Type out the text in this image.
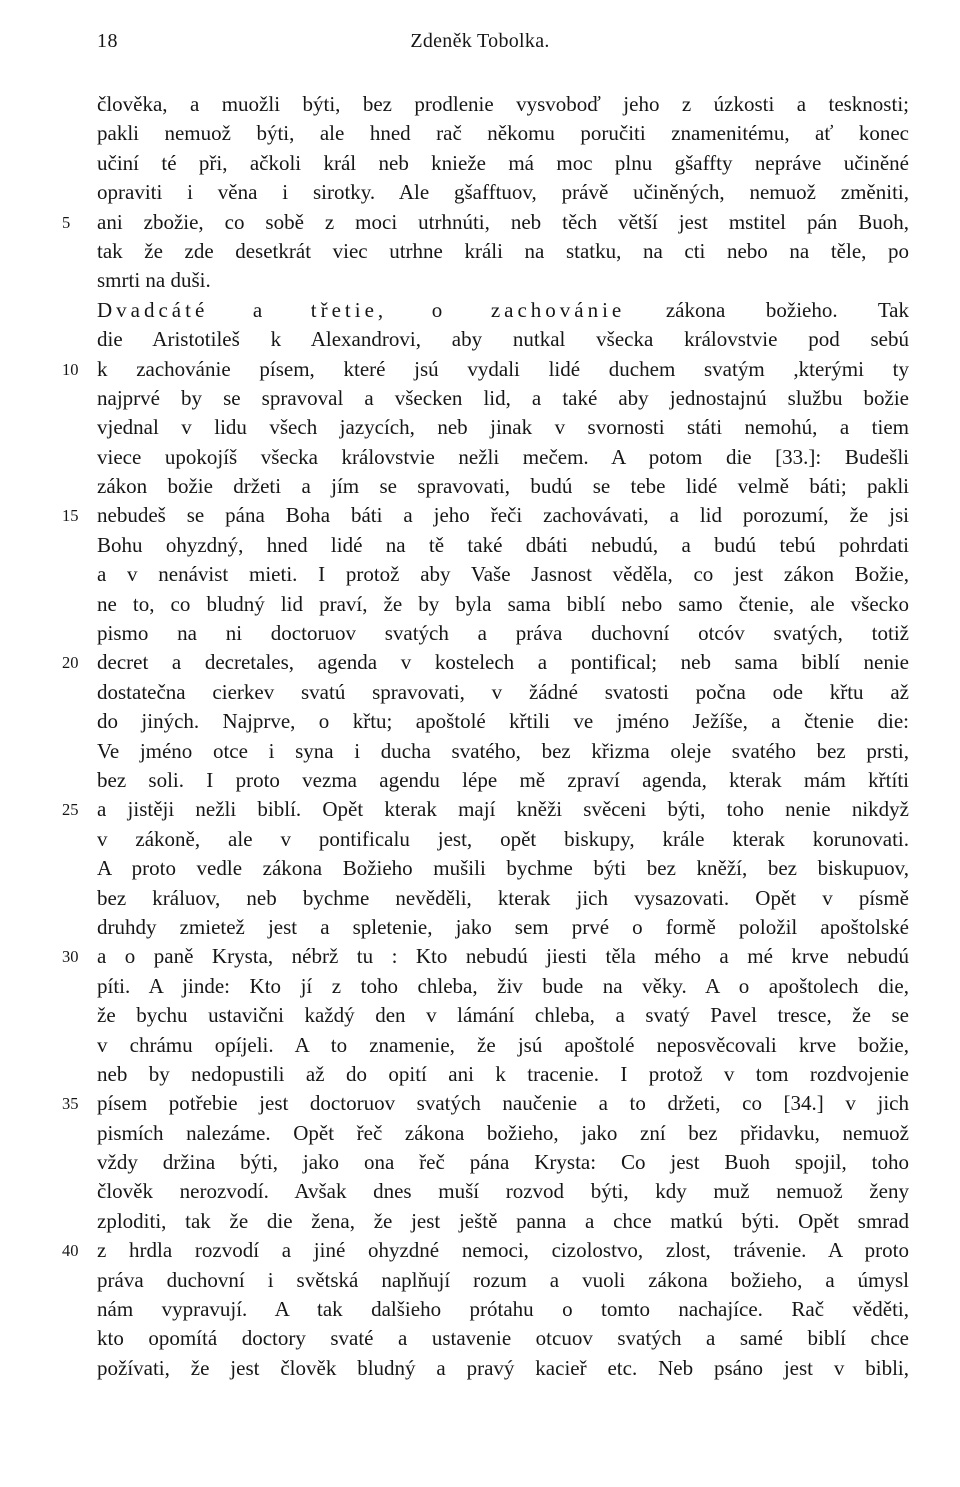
18	Zdeněk Tobolka.
člověka, a muožli býti, bez prodlenie vysvoboď jeho z úzkosti a tesknosti;
pakli nemuož býti, ale hned rač někomu poručiti znamenitému, ať konec
učiní té při, ačkoli král neb knieže má moc plnu gšaffty nepráve učiněné
opraviti i věna i sirotky. Ale gšafftuov, právě učiněných, nemuož změniti,
5	ani zbožie, co sobě z moci utrhnúti, neb těch větší jest mstitel pán Buoh,
tak že zde desetkrát viec utrhne králi na statku, na cti nebo na těle, po
smrti na duši.
Dvadcáté a třetie, o zachovánie zákona božieho. Tak
die Aristotileš k Alexandrovi, aby nutkal všecka královstvie pod sebú
10 k zachovánie písem, které jsú vydali lidé duchem svatým ,kterými ty
najprvé by se spravoval a všecken lid, a také aby jednostajnú službu božie
vjednal v lidu všech jazycích, neb jinak v svornosti státi nemohú, a tiem
viece upokojíš všecka královstvie nežli mečem. A potom die [33.]: Budešli
zákon božie držeti a jím se spravovati, budú se tebe lidé velmě báti; pakli
15 nebudeš se pána Boha báti a jeho řeči zachovávati, a lid porozumí, že jsi
Bohu ohyzdný, hned lidé na tě také dbáti nebudú, a budú tebú pohrdati
a v nenávist mieti. I protož aby Vaše Jasnost věděla, co jest zákon Božie,
ne to, co bludný lid praví, že by byla sama biblí nebo samo čtenie, ale všecko
pismo na ni doctoruov svatých a práva duchovní otcóv svatých, totiž
20 decret a decretales, agenda v kostelech a pontifical; neb sama biblí nenie
dostatečna cierkev svatú spravovati, v žádné svatosti počna ode křtu až
do jiných. Najprve, o křtu; apoštolé křtili ve jméno Ježíše, a čtenie die:
Ve jméno otce i syna i ducha svatého, bez křizma oleje svatého bez prsti,
bez soli. I proto vezma agendu lépe mě zpraví agenda, kterak mám křtíti
25 a jistěji nežli biblí. Opět kterak mají kněži svěceni býti, toho nenie nikdyž
v zákoně, ale v pontificalu jest, opět biskupy, krále kterak korunovati.
A proto vedle zákona Božieho mušili bychme býti bez kněží, bez biskupuov,
bez králuov, neb bychme nevěděli, kterak jich vysazovati. Opět v písmě
druhdy zmietež jest a spletenie, jako sem prvé o formě položil apoštolské
30 a o paně Krysta, nébrž tu : Kto nebudú jiesti těla mého a mé krve nebudú
píti. A jinde: Kto jí z toho chleba, živ bude na věky. A o apoštolech die,
že bychu ustavični každý den v lámání chleba, a svatý Pavel tresce, že se
v chrámu opíjeli. A to znamenie, že jsú apoštolé neposvěcovali krve božie,
neb by nedopustili až do opití ani k tracenie. I protož v tom rozdvojenie
35 písem potřebie jest doctoruov svatých naučenie a to držeti, co [34.] v jich
pismích nalezáme. Opět řeč zákona božieho, jako zní bez přidavku, nemuož
vždy držina býti, jako ona řeč pána Krysta: Co jest Buoh spojil, toho
člověk nerozvodí. Avšak dnes muší rozvod býti, kdy muž nemuož ženy
zploditi, tak že die žena, že jest ještě panna a chce matkú býti. Opět smrad
40 z hrdla rozvodí a jiné ohyzdné nemoci, cizolostvo, zlost, trávenie. A proto
práva duchovní i světská naplňují rozum a vuoli zákona božieho, a úmysl
nám vypravují. A tak dalšieho prótahu o tomto nachajíce. Rač věděti,
kto opomítá doctory svaté a ustavenie otcuov svatých a samé biblí chce
požívati, že jest člověk bludný a pravý kacieř etc. Neb psáno jest v bibli,
